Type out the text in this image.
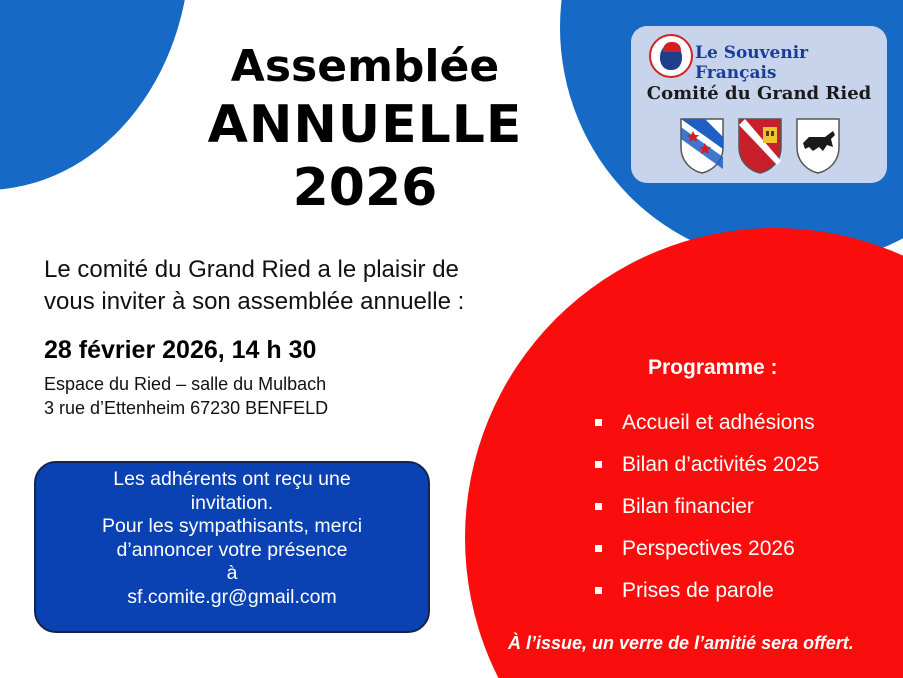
Assemblée
ANNUELLE
2026
Le comité du Grand Ried a le plaisir de
vous inviter à son assemblée annuelle :
28 février 2026, 14 h 30
Espace du Ried – salle du Mulbach
3 rue d’Ettenheim 67230 BENFELD
Les adhérents ont reçu une
invitation.
Pour les sympathisants, merci
d’annoncer votre présence
à
sf.comite.gr@gmail.com
Le Souvenir Français
Comité du Grand Ried
Programme :
Accueil et adhésions
Bilan d’activités 2025
Bilan financier
Perspectives 2026
Prises de parole
À l’issue, un verre de l’amitié sera offert.
